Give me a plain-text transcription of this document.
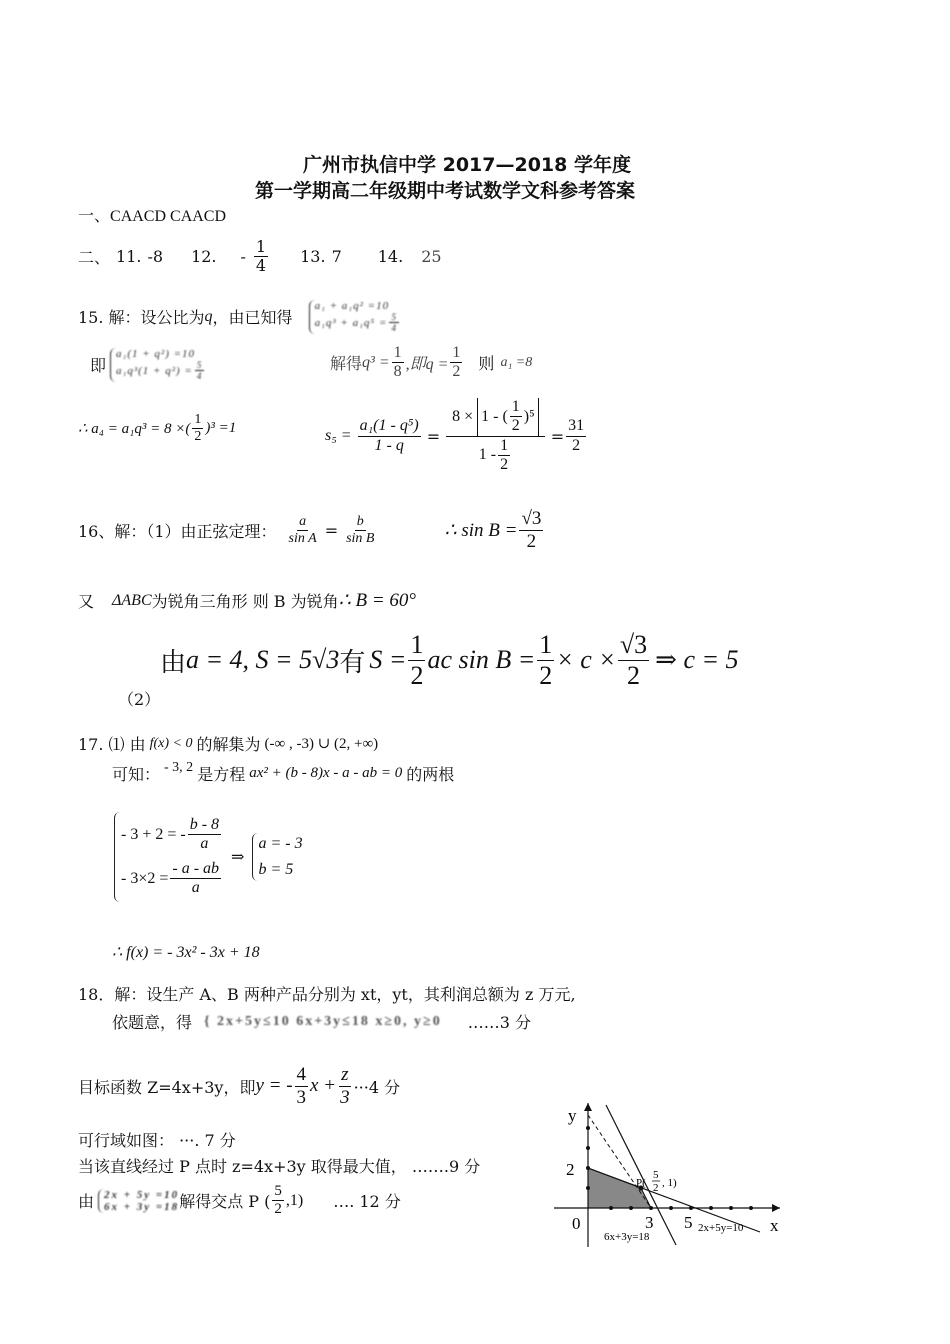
广州市执信中学 2017—2018 学年度
第一学期高二年级期中考试数学文科参考答案
一、CAACD CAACD
二、 11. -8 12. - $\frac{1}{4} 13$. 7 14. 25
15. 解：设公比为 q ，由已知得
a₁ + a₁q² =10
$a_1q^3 + a_1q^5 = \frac{5}{4}$
即
a₁(1 + q²) =10
$a_1q^3(1 + q^2) = \frac{5}{4}$	解得 $q^3 = \frac{1}{8}$ ,即$q = \frac{1}{2}$ 则 a₁ =8
∴ a₄ = a₁q³ = 8 ×( $\frac{1}{2} )^3 =1$	$s_5 = \frac{\text{a₁(1 - q⁵)}}{1 - q} = \frac{8 \times 1 - ( \frac{1}{2} )^5}{1 - \frac{1}{2}} = \frac{31}{2}$
16、解：（1）由正弦定理： $\frac{a}{\text{sin A}} = \frac{b}{\text{sin B}}$	∴ $\sin B = \frac{√3}{2}$
又 ΔABC 为锐角三角形 则 B 为锐角 ∴ B = 60°
（2）
由 a = 4, S = 5√3 有 $S = \frac{1}{2}$ ac $\sin B = \frac{1}{2} \times c \times \frac{√3}{2}$ ⇒ c = 5
17. ⑴ 由 f(x) < 0 的解集为 (-∞ , -3) ∪ (2, +∞)
可知： - 3, 2 是方程 ax² + (b - 8)x - a - ab = 0 的两根
- 3 + 2 = - $\frac{b - 8}{a}$
- $3\times 2 = \frac{- a - ab}{a}$
⇒
a = - 3
b = 5
∴ f(x) = - 3x² - 3x + 18
18．解：设生产 A、B 两种产品分别为 xt，yt，其利润总额为 z 万元,
依题意，得 { 2x+5y≤10 6x+3y≤18 x≥0, y≥0 ……3 分
目标函数 Z=4x+3y，即 y = - $\frac{4}{3}$ $x + \frac{z}{3} \cdot\cdot\cdot 4$ 分
可行域如图： ···. 7 分
当该直线经过 P 点时 z=4x+3y 取得最大值， …….9 分
由 2x + 5y =10
6x + 3y =18 解得交点 P ( $\frac{5}{2} ,1$) …. 12 分
y
x
0
2
3 5
P(
5
2 , 1)
6x+3y=18
2x+5y=10
